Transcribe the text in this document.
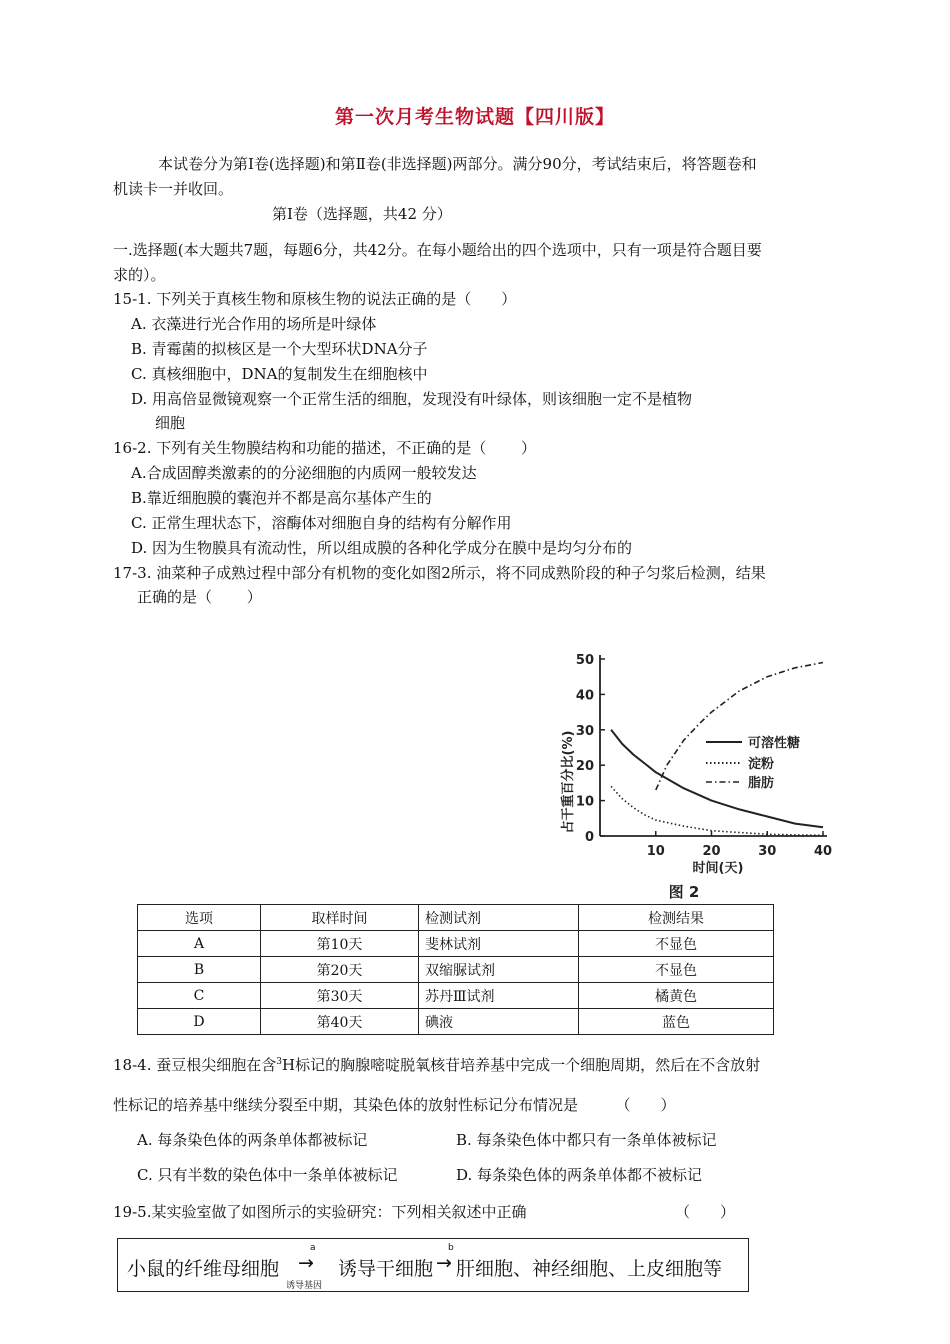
第一次月考生物试题【四川版】
本试卷分为第Ⅰ卷(选择题)和第Ⅱ卷(非选择题)两部分。满分90分，考试结束后，将答题卷和
机读卡一并收回。
第Ⅰ卷（选择题，共42 分）
一.选择题(本大题共7题，每题6分，共42分。在每小题给出的四个选项中，只有一项是符合题目要
求的）。
15-1. 下列关于真核生物和原核生物的说法正确的是（　　）
A. 衣藻进行光合作用的场所是叶绿体
B. 青霉菌的拟核区是一个大型环状DNA分子
C. 真核细胞中，DNA的复制发生在细胞核中
D. 用高倍显微镜观察一个正常生活的细胞，发现没有叶绿体，则该细胞一定不是植物
细胞
16-2. 下列有关生物膜结构和功能的描述，不正确的是（　　 ）
A.合成固醇类激素的的分泌细胞的内质网一般较发达
B.靠近细胞膜的囊泡并不都是高尔基体产生的
C. 正常生理状态下，溶酶体对细胞自身的结构有分解作用
D. 因为生物膜具有流动性，所以组成膜的各种化学成分在膜中是均匀分布的
17-3. 油菜种子成熟过程中部分有机物的变化如图2所示，将不同成熟阶段的种子匀浆后检测，结果
正确的是（　　 ）
0
10
20
30
40
50
10	20	30	40
占干重百分比(%)
时间(天)
图 2
可溶性糖
淀粉
脂肪
选项	取样时间	检测试剂	检测结果
A	第10天	斐林试剂	不显色
B	第20天	双缩脲试剂	不显色
C	第30天	苏丹Ⅲ试剂	橘黄色
D	第40天	碘液	蓝色
18-4. 蚕豆根尖细胞在含$^3$H标记的胸腺嘧啶脱氧核苷培养基中完成一个细胞周期，然后在不含放射
性标记的培养基中继续分裂至中期，其染色体的放射性标记分布情况是　　　（　　）
A. 每条染色体的两条单体都被标记	B. 每条染色体中都只有一条单体被标记
C. 只有半数的染色体中一条单体被标记	D. 每条染色体的两条单体都不被标记
19-5.某实验室做了如图所示的实验研究：下列相关叙述中正确	（　　）
小鼠的纤维母细胞
a
→
诱导基因
诱导干细胞
b
→ 肝细胞、神经细胞、上皮细胞等
